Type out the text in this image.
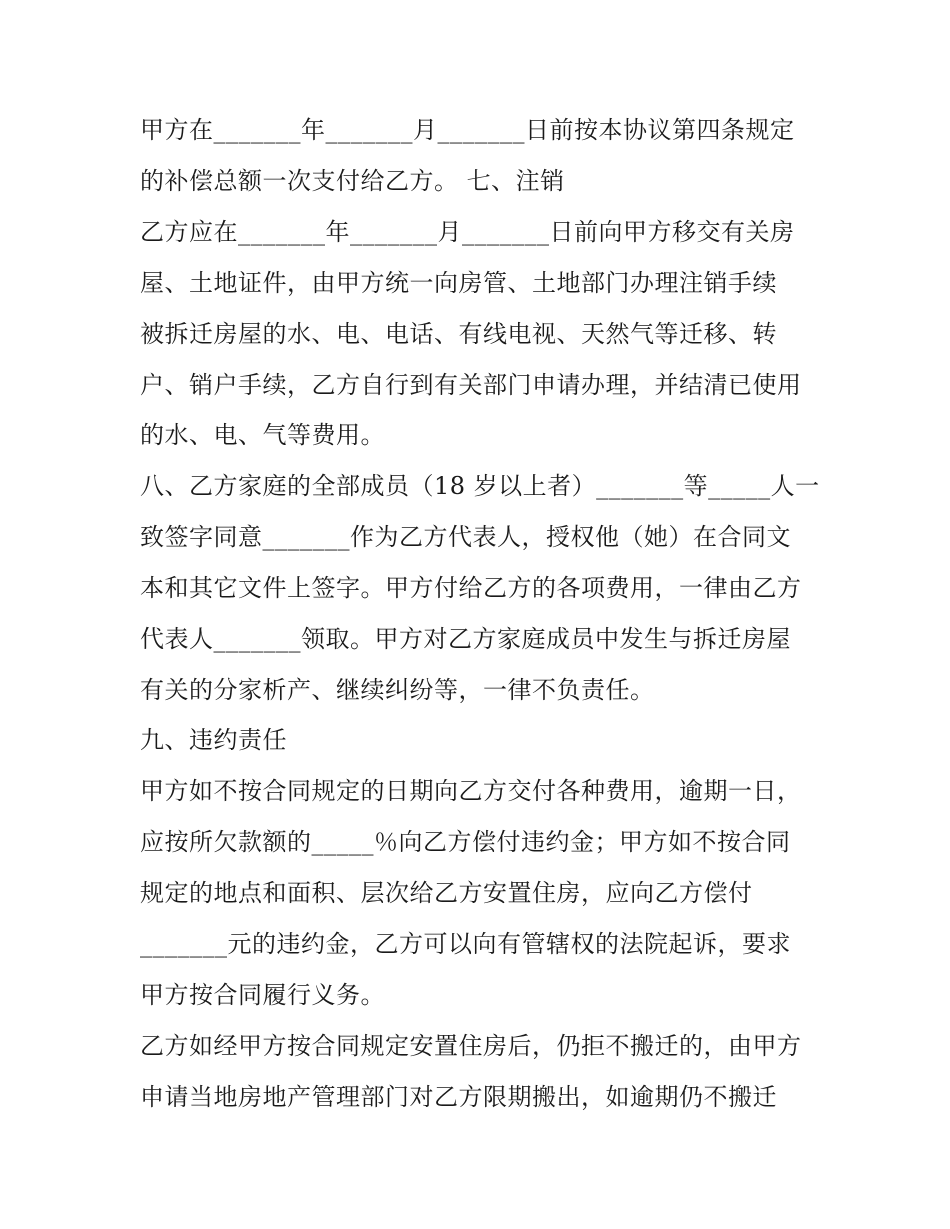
甲方在_______年_______月_______日前按本协议第四条规定
的补偿总额一次支付给乙方。 七、注销
乙方应在_______年_______月_______日前向甲方移交有关房
屋、土地证件，由甲方统一向房管、土地部门办理注销手续
被拆迁房屋的水、电、电话、有线电视、天然气等迁移、转
户、销户手续，乙方自行到有关部门申请办理，并结清已使用
的水、电、气等费用。
八、乙方家庭的全部成员（18 岁以上者）_______等_____人一
致签字同意_______作为乙方代表人，授权他（她）在合同文
本和其它文件上签字。甲方付给乙方的各项费用，一律由乙方
代表人_______领取。甲方对乙方家庭成员中发生与拆迁房屋
有关的分家析产、继续纠纷等，一律不负责任。
九、违约责任
甲方如不按合同规定的日期向乙方交付各种费用，逾期一日，
应按所欠款额的_____％向乙方偿付违约金；甲方如不按合同
规定的地点和面积、层次给乙方安置住房，应向乙方偿付
_______元的违约金，乙方可以向有管辖权的法院起诉，要求
甲方按合同履行义务。
乙方如经甲方按合同规定安置住房后，仍拒不搬迁的，由甲方
申请当地房地产管理部门对乙方限期搬出，如逾期仍不搬迁
